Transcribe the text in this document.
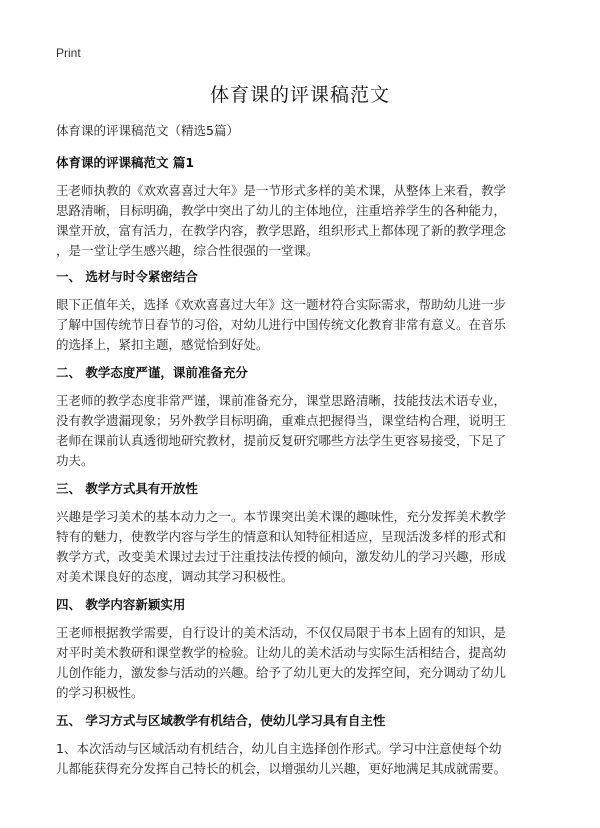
Print
体育课的评课稿范文
体育课的评课稿范文（精选5篇）
体育课的评课稿范文 篇1
王老师执教的《欢欢喜喜过大年》是一节形式多样的美术课，从整体上来看，教学
思路清晰，目标明确，教学中突出了幼儿的主体地位，注重培养学生的各种能力，
课堂开放，富有活力，在教学内容，教学思路，组织形式上都体现了新的教学理念
，是一堂让学生感兴趣，综合性很强的一堂课。
一、 选材与时令紧密结合
眼下正值年关，选择《欢欢喜喜过大年》这一题材符合实际需求，帮助幼儿进一步
了解中国传统节日春节的习俗，对幼儿进行中国传统文化教育非常有意义。在音乐
的选择上，紧扣主题，感觉恰到好处。
二、 教学态度严谨，课前准备充分
王老师的教学态度非常严谨，课前准备充分，课堂思路清晰，技能技法术语专业，
没有教学遗漏现象；另外教学目标明确，重难点把握得当，课堂结构合理，说明王
老师在课前认真透彻地研究教材，提前反复研究哪些方法学生更容易接受，下足了
功夫。
三、 教学方式具有开放性
兴趣是学习美术的基本动力之一。本节课突出美术课的趣味性，充分发挥美术教学
特有的魅力，使教学内容与学生的情意和认知特征相适应，呈现活泼多样的形式和
教学方式，改变美术课过去过于注重技法传授的倾向，激发幼儿的学习兴趣，形成
对美术课良好的态度，调动其学习积极性。
四、 教学内容新颖实用
王老师根据教学需要，自行设计的美术活动，不仅仅局限于书本上固有的知识，是
对平时美术教研和课堂教学的检验。让幼儿的美术活动与实际生活相结合，提高幼
儿创作能力，激发参与活动的兴趣。给予了幼儿更大的发挥空间，充分调动了幼儿
的学习积极性。
五、 学习方式与区域教学有机结合，使幼儿学习具有自主性
1、本次活动与区域活动有机结合，幼儿自主选择创作形式。学习中注意使每个幼
儿都能获得充分发挥自己特长的机会，以增强幼儿兴趣，更好地满足其成就需要。
